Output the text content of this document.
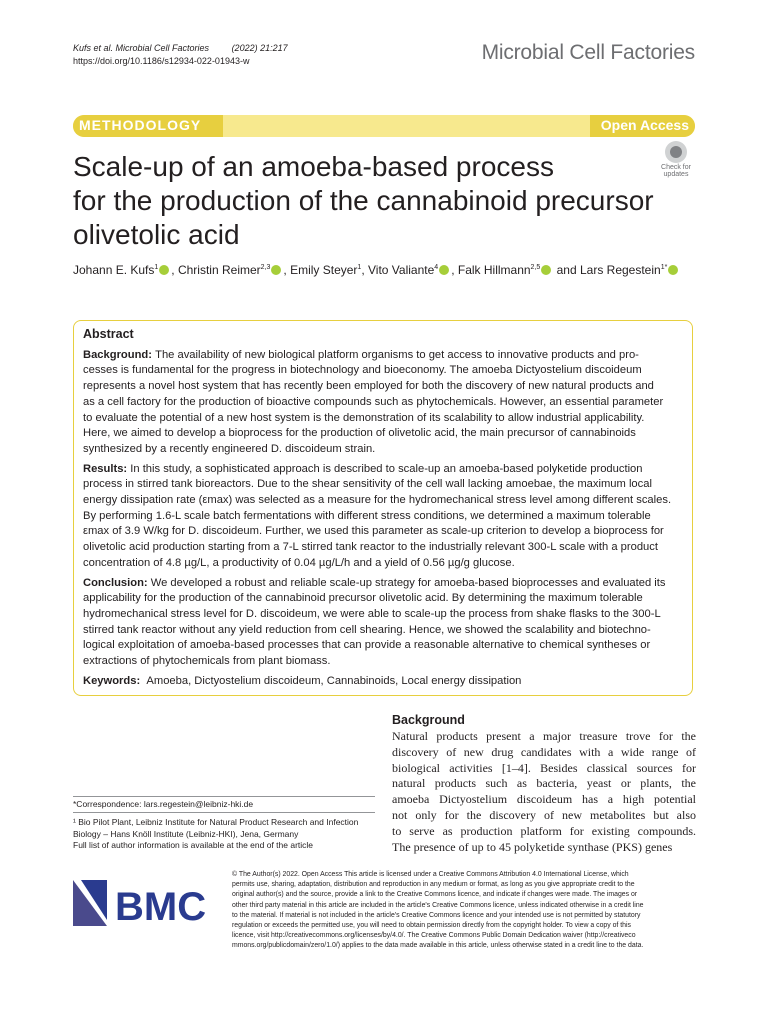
Kufs et al. Microbial Cell Factories	(2022) 21:217
https://doi.org/10.1186/s12934-022-01943-w	Microbial Cell Factories
METHODOLOGY	Open Access
Scale-up of an amoeba-based process
for the production of the cannabinoid precursor
olivetolic acid
Check for
updates
Johann E. Kufs$^1$ , Christin Reimer$^{2,3}$ , Emily Steyer$^1$, Vito Valiante$^4$ , Falk Hillmann$^{2,5}$ and Lars Regestein$^{1*}$
Abstract

Background: The availability of new biological platform organisms to get access to innovative products and pro-
cesses is fundamental for the progress in biotechnology and bioeconomy. The amoeba Dictyostelium discoideum
represents a novel host system that has recently been employed for both the discovery of new natural products and
as a cell factory for the production of bioactive compounds such as phytochemicals. However, an essential parameter
to evaluate the potential of a new host system is the demonstration of its scalability to allow industrial applicability.
Here, we aimed to develop a bioprocess for the production of olivetolic acid, the main precursor of cannabinoids
synthesized by a recently engineered D. discoideum strain.

Results: In this study, a sophisticated approach is described to scale-up an amoeba-based polyketide production
process in stirred tank bioreactors. Due to the shear sensitivity of the cell wall lacking amoebae, the maximum local
energy dissipation rate (εmax) was selected as a measure for the hydromechanical stress level among different scales.
By performing 1.6-L scale batch fermentations with different stress conditions, we determined a maximum tolerable
εmax of 3.9 W/kg for D. discoideum. Further, we used this parameter as scale-up criterion to develop a bioprocess for
olivetolic acid production starting from a 7-L stirred tank reactor to the industrially relevant 300-L scale with a product
concentration of 4.8 µg/L, a productivity of 0.04 µg/L/h and a yield of 0.56 µg/g glucose.

Conclusion: We developed a robust and reliable scale-up strategy for amoeba-based bioprocesses and evaluated its
applicability for the production of the cannabinoid precursor olivetolic acid. By determining the maximum tolerable
hydromechanical stress level for D. discoideum, we were able to scale-up the process from shake flasks to the 300-L
stirred tank reactor without any yield reduction from cell shearing. Hence, we showed the scalability and biotechno-
logical exploitation of amoeba-based processes that can provide a reasonable alternative to chemical syntheses or
extractions of phytochemicals from plant biomass.

Keywords: Amoeba, Dictyostelium discoideum, Cannabinoids, Local energy dissipation

Background
Natural products present a major treasure trove for the
discovery of new drug candidates with a wide range of
biological activities [1–4]. Besides classical sources for
natural products such as bacteria, yeast or plants, the
amoeba Dictyostelium discoideum has a high potential
not only for the discovery of new metabolites but also
to serve as production platform for existing compounds.
The presence of up to 45 polyketide synthase (PKS) genes
*Correspondence: lars.regestein@leibniz-hki.de
¹ Bio Pilot Plant, Leibniz Institute for Natural Product Research and Infection
Biology – Hans Knöll Institute (Leibniz-HKI), Jena, Germany
Full list of author information is available at the end of the article
BMC
© The Author(s) 2022. Open Access This article is licensed under a Creative Commons Attribution 4.0 International License, which
permits use, sharing, adaptation, distribution and reproduction in any medium or format, as long as you give appropriate credit to the
original author(s) and the source, provide a link to the Creative Commons licence, and indicate if changes were made. The images or
other third party material in this article are included in the article's Creative Commons licence, unless indicated otherwise in a credit line
to the material. If material is not included in the article's Creative Commons licence and your intended use is not permitted by statutory
regulation or exceeds the permitted use, you will need to obtain permission directly from the copyright holder. To view a copy of this
licence, visit http://creativecommons.org/licenses/by/4.0/. The Creative Commons Public Domain Dedication waiver (http://creativeco
mmons.org/publicdomain/zero/1.0/) applies to the data made available in this article, unless otherwise stated in a credit line to the data.
